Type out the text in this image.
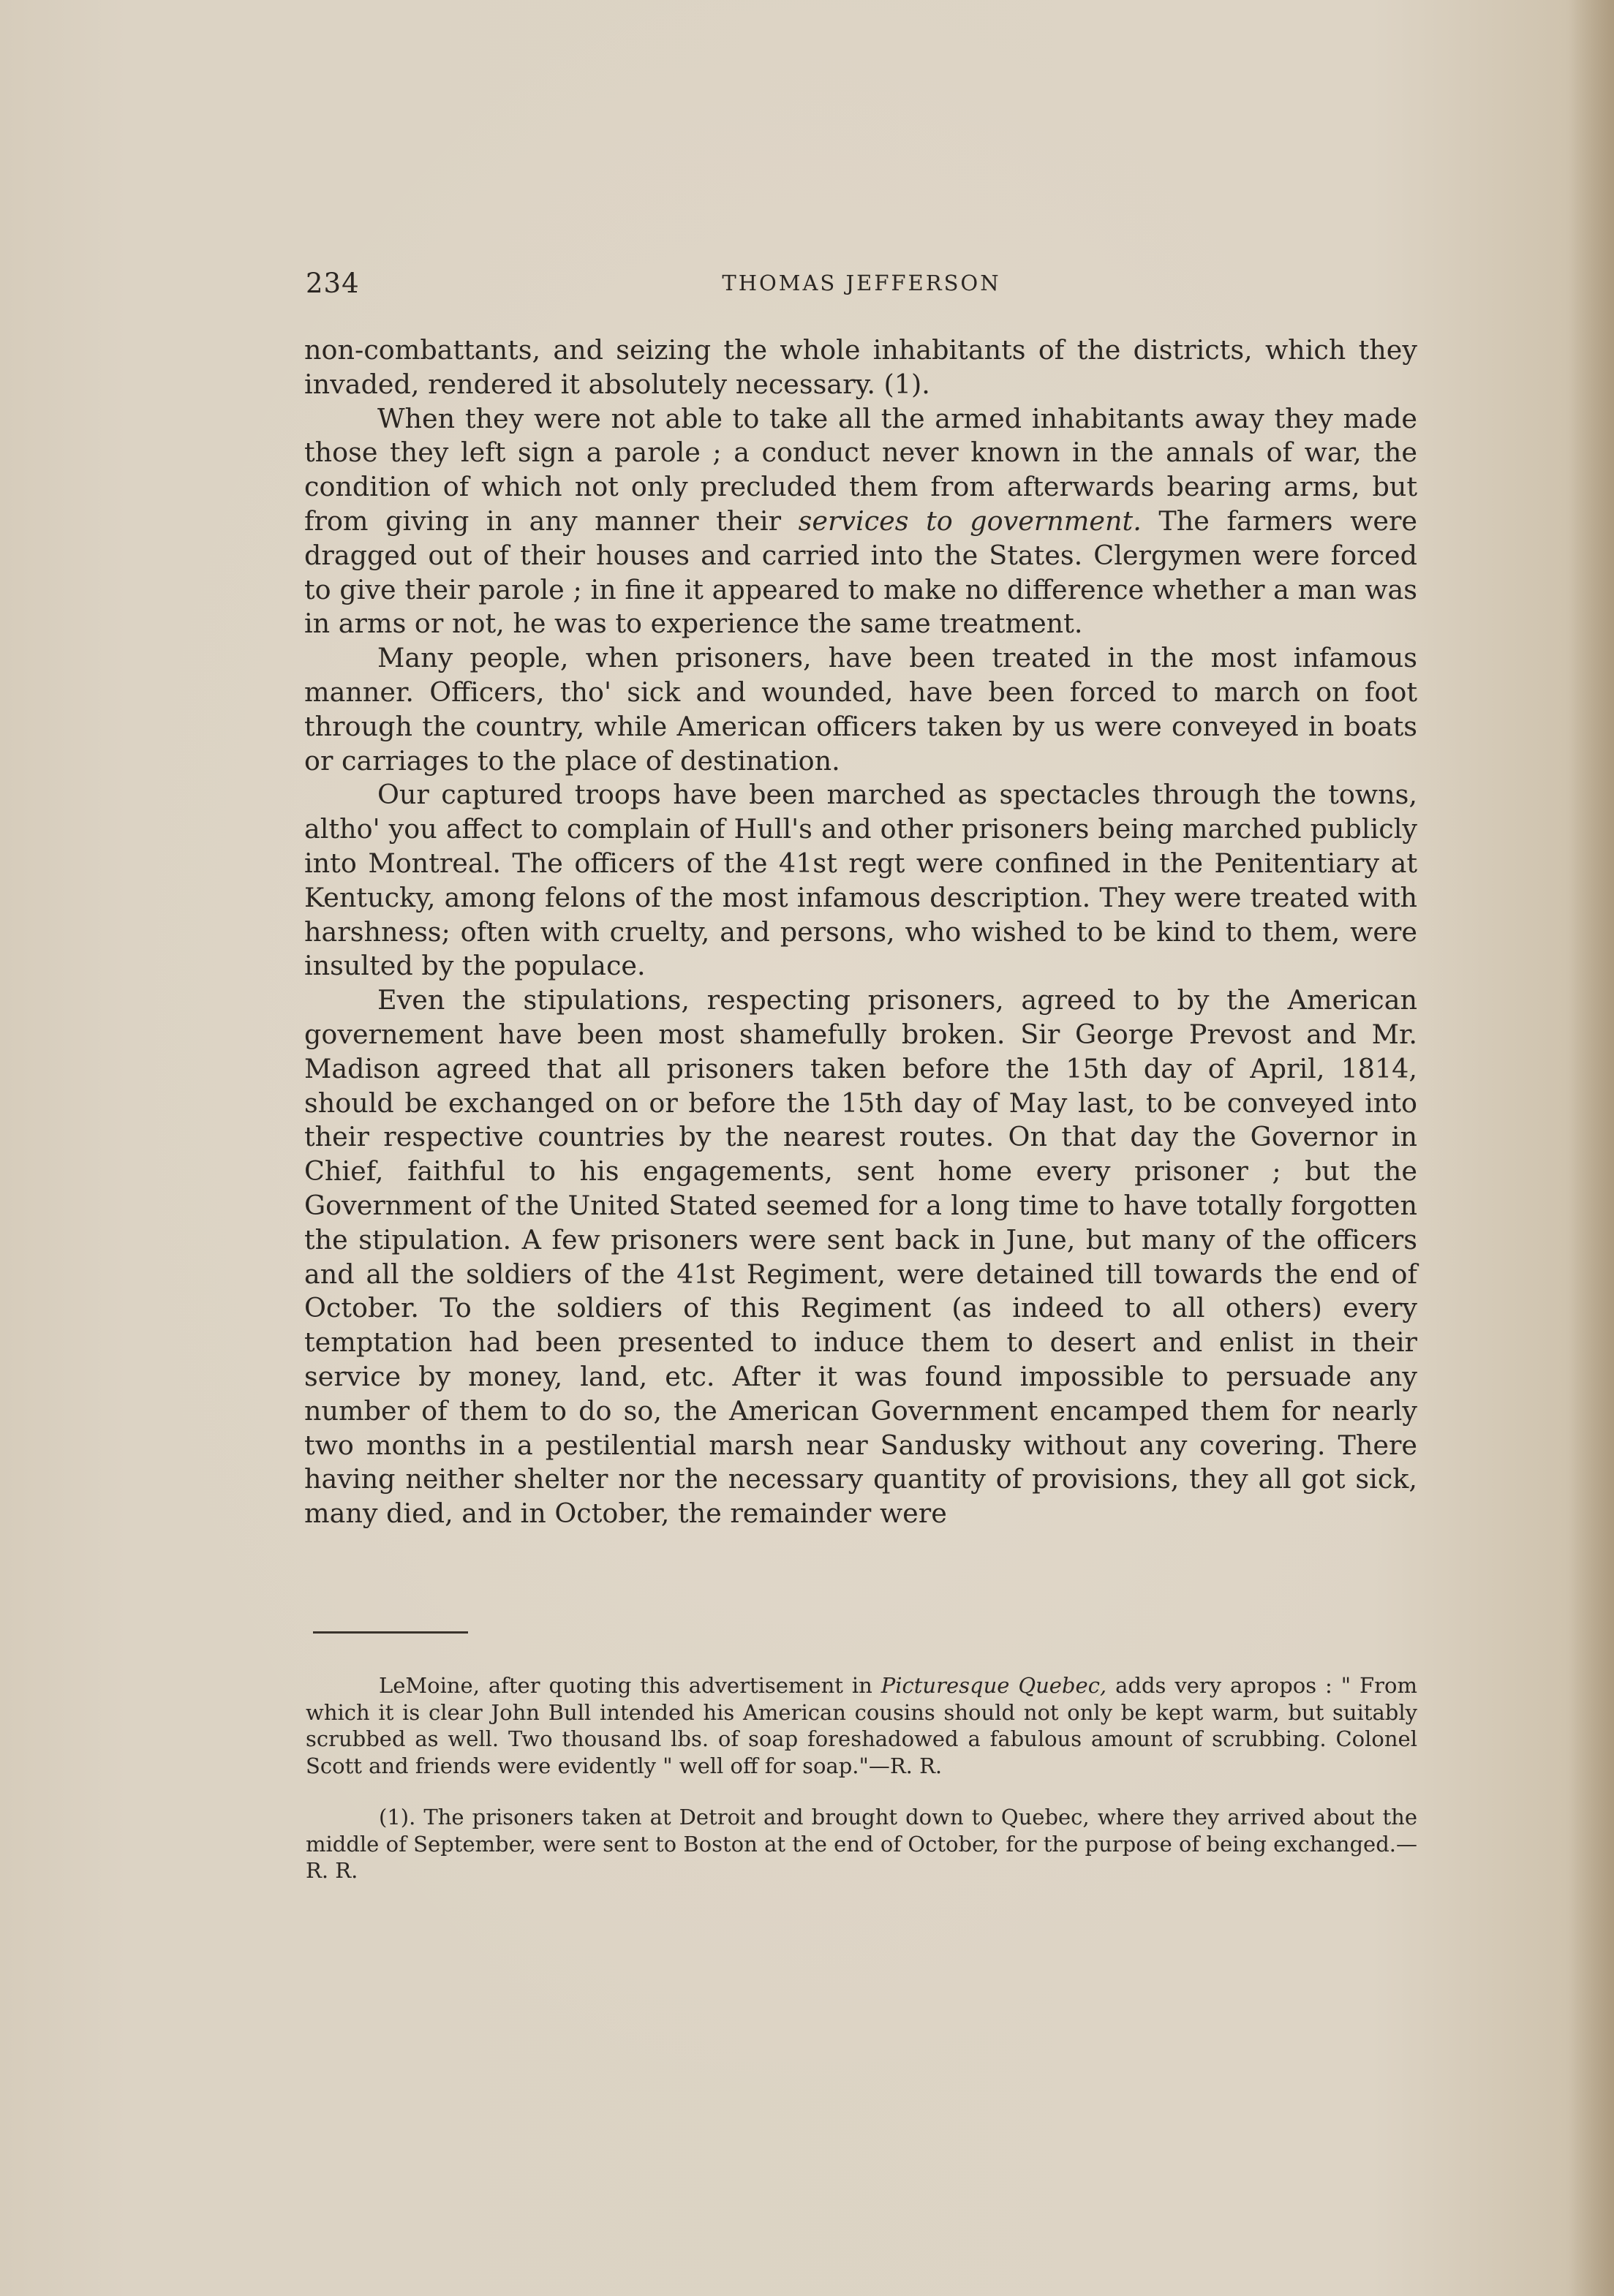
234	THOMAS JEFFERSON

non-combattants, and seizing the whole inhabitants of the districts, which they invaded, rendered it absolutely necessary. (1).

When they were not able to take all the armed inhabitants away they made those they left sign a parole ; a conduct never known in the annals of war, the condition of which not only precluded them from afterwards bearing arms, but from giving in any manner their services to government. The farmers were dragged out of their houses and carried into the States. Clergymen were forced to give their parole ; in fine it appeared to make no difference whether a man was in arms or not, he was to experience the same treatment.

Many people, when prisoners, have been treated in the most infamous manner. Officers, tho' sick and wounded, have been forced to march on foot through the country, while American officers taken by us were conveyed in boats or carriages to the place of destination.

Our captured troops have been marched as spectacles through the towns, altho' you affect to complain of Hull's and other prisoners being marched publicly into Montreal. The officers of the 41st regt were confined in the Penitentiary at Kentucky, among felons of the most infamous description. They were treated with harshness; often with cruelty, and persons, who wished to be kind to them, were insulted by the populace.

Even the stipulations, respecting prisoners, agreed to by the American governement have been most shamefully broken. Sir George Prevost and Mr. Madison agreed that all prisoners taken before the 15th day of April, 1814, should be exchanged on or before the 15th day of May last, to be conveyed into their respective countries by the nearest routes. On that day the Governor in Chief, faithful to his engagements, sent home every prisoner ; but the Government of the United Stated seemed for a long time to have totally forgotten the stipulation. A few prisoners were sent back in June, but many of the officers and all the soldiers of the 41st Regiment, were detained till towards the end of October. To the soldiers of this Regiment (as indeed to all others) every temptation had been presented to induce them to desert and enlist in their service by money, land, etc. After it was found impossible to persuade any number of them to do so, the American Government encamped them for nearly two months in a pestilential marsh near Sandusky without any covering. There having neither shelter nor the necessary quantity of provisions, they all got sick, many died, and in October, the remainder were

LeMoine, after quoting this advertisement in Picturesque Quebec, adds very apropos : " From which it is clear John Bull intended his American cousins should not only be kept warm, but suitably scrubbed as well. Two thousand lbs. of soap foreshadowed a fabulous amount of scrubbing. Colonel Scott and friends were evidently " well off for soap."—R. R.

(1). The prisoners taken at Detroit and brought down to Quebec, where they arrived about the middle of September, were sent to Boston at the end of October, for the purpose of being exchanged.—R. R.
